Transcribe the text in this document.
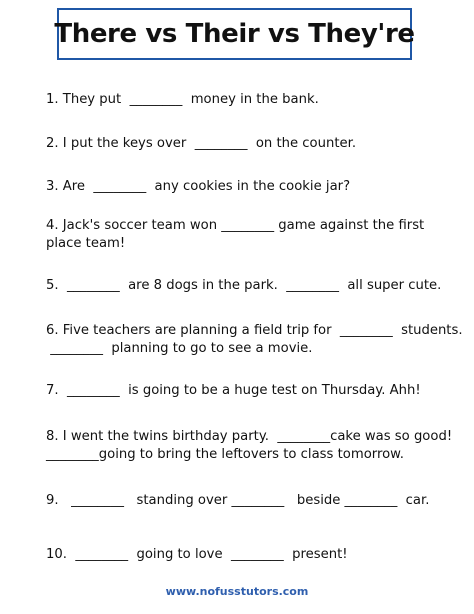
There vs Their vs They're
1. They put  ________  money in the bank.
2. I put the keys over  ________  on the counter.
3. Are  ________  any cookies in the cookie jar?
4. Jack's soccer team won ________ game against the first
place team!
5.  ________  are 8 dogs in the park.  ________  all super cute.
6. Five teachers are planning a field trip for  ________  students.
________  planning to go to see a movie.
7.  ________  is going to be a huge test on Thursday. Ahh!
8. I went the twins birthday party.  ________cake was so good!
________going to bring the leftovers to class tomorrow.
9.   ________   standing over ________   beside ________  car.
10.  ________  going to love  ________  present!
www.nofusstutors.com
